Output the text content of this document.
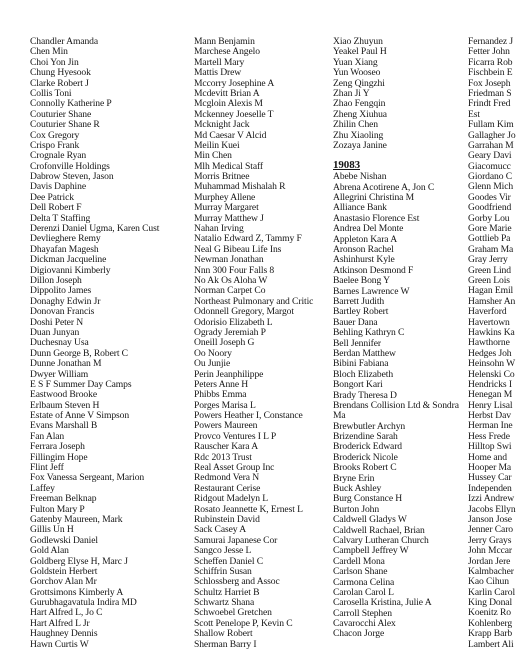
Chandler Amanda
Chen Min
Choi Yon Jin
Chung Hyesook
Clarke Robert J
Collis Toni
Connolly Katherine P
Couturier Shane
Couturier Shane R
Cox Gregory
Crispo Frank
Crognale Ryan
Crofonville Holdings
Dabrow Steven, Jason
Davis Daphine
Dee Patrick
Dell Robert F
Delta T Staffing
Derenzi Daniel Ugma, Karen Cust
Devlieghere Remy
Dhayafan Magesh
Dickman Jacqueline
Digiovanni Kimberly
Dillon Joseph
Dippolito James
Donaghy Edwin Jr
Donovan Francis
Doshi Peter N
Duan Junyan
Duchesnay Usa
Dunn George B, Robert C
Dunne Jonathan M
Dwyer William
E S F Summer Day Camps
Eastwood Brooke
Erlbaum Steven H
Estate of Anne V Simpson
Evans Marshall B
Fan Alan
Ferrara Joseph
Fillingim Hope
Flint Jeff
Fox Vanessa Sergeant, Marion
Laffey
Freeman Belknap
Fulton Mary P
Gatenby Maureen, Mark
Gillis Un H
Godlewski Daniel
Gold Alan
Goldberg Elyse H, Marc J
Goldstein Herbert
Gorchov Alan Mr
Grottsimons Kimberly A
Gurubhagavatula Indira MD
Hart Alfred L, Jo C
Hart Alfred L Jr
Haughney Dennis
Hawn Curtis W
Mann Benjamin
Marchese Angelo
Martell Mary
Mattis Drew
Mccorry Josephine A
Mcdevitt Brian A
Mcgloin Alexis M
Mckenney Joeselle T
Mcknight Jack
Md Caesar V Alcid
Meilin Kuei
Min Chen
Mlh Medical Staff
Morris Britnee
Muhammad Mishalah R
Murphey Allene
Murray Margaret
Murray Matthew J
Nahan Irving
Natalio Edward Z, Tammy F
Neal G Bibeau Life Ins
Newman Jonathan
Nnn 300 Four Falls 8
No Ak Os Aloha W
Norman Carpet Co
Northeast Pulmonary and Critic
Odonnell Gregory, Margot
Odorisio Elizabeth L
Ogrady Jeremiah P
Oneill Joseph G
Oo Noory
Ou Junjie
Perin Jeanphilippe
Peters Anne H
Phibbs Emma
Porges Marisa L
Powers Heather I, Constance
Powers Maureen
Provco Ventures I L P
Rauscher Kara A
Rdc 2013 Trust
Real Asset Group Inc
Redmond Vera N
Restaurant Cerise
Ridgout Madelyn L
Rosato Jeannette K, Ernest L
Rubinstein David
Sack Casey A
Samurai Japanese Cor
Sangco Jesse L
Scheffen Daniel C
Schiffrin Susan
Schlossberg and Assoc
Schultz Harriet B
Schwartz Shana
Schwoebel Gretchen
Scott Penelope P, Kevin C
Shallow Robert
Sherman Barry I
Xiao Zhuyun
Yeakel Paul H
Yuan Xiang
Yun Wooseo
Zeng Qingzhi
Zhan Ji Y
Zhao Fengqin
Zheng Xiuhua
Zhilin Chen
Zhu Xiaoling
Zozaya Janine
19083
Abebe Nishan
Abrena Acotirene A, Jon C
Allegrini Christina M
Alliance Bank
Anastasio Florence Est
Andrea Del Monte
Appleton Kara A
Aronson Rachel
Ashinhurst Kyle
Atkinson Desmond F
Baelee Bong Y
Barnes Lawrence W
Barrett Judith
Bartley Robert
Bauer Dana
Behling Kathryn C
Bell Jennifer
Berdan Matthew
Bibini Fabiana
Bloch Elizabeth
Bongort Kari
Brady Theresa D
Brendans Collision Ltd & Sondra
Ma
Brewbutler Archyn
Brizendine Sarah
Broderick Edward
Broderick Nicole
Brooks Robert C
Bryne Erin
Buck Ashley
Burg Constance H
Burton John
Caldwell Gladys W
Caldwell Rachael, Brian
Calvary Lutheran Church
Campbell Jeffrey W
Cardell Mona
Carlson Shane
Carmona Celina
Carolan Carol L
Carosella Kristina, Julie A
Carroll Stephen
Cavarocchi Alex
Chacon Jorge
Fernandez J
Fetter John
Ficarra Rob
Fischbein E
Fox Joseph
Friedman S
Frindt Fred
Est
Fullam Kim
Gallagher Jo
Garrahan M
Geary Davi
Giacomucc
Giordano C
Glenn Mich
Goodes Vir
Goodfriend
Gorby Lou
Gore Marie
Gottlieb Pa
Graham Ma
Gray Jerry
Green Lind
Green Lois
Hagan Emil
Hamsher An
Haverford
Havertown
Hawkins Ka
Hawthorne
Hedges Joh
Heinsohn W
Helenski Co
Hendricks I
Henegan M
Henry Lisal
Herbst Dav
Herman Ine
Hess Frede
Hilltop Swi
Home and
Hooper Ma
Hussey Car
Independen
Izzi Andrew
Jacobs Ellyn
Janson Jose
Jenner Caro
Jerry Grays
John Mccar
Jordan Jere
Kalmbacher
Kao Cihun
Karlin Carol
King Donal
Koenitz Ro
Kohlenberg
Krapp Barb
Lambert Ali
